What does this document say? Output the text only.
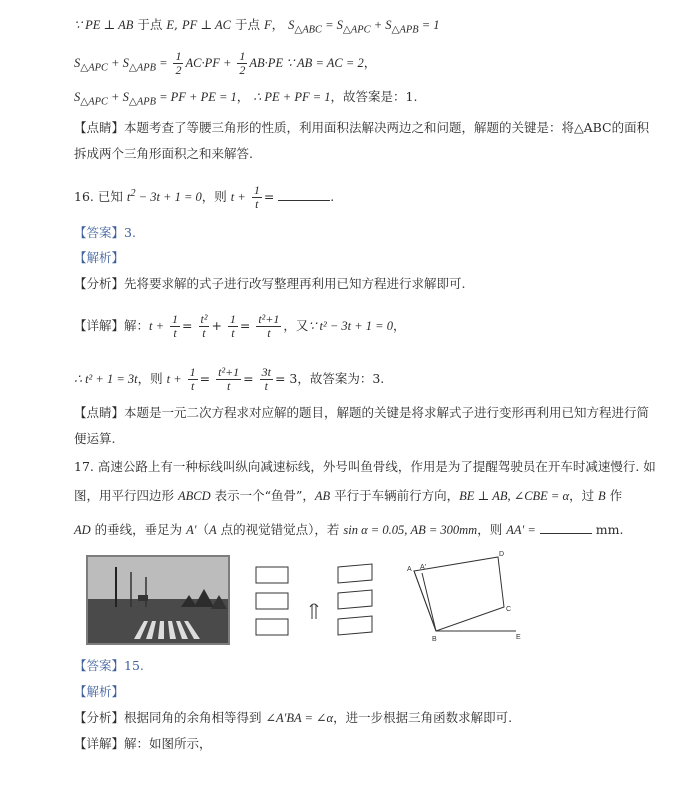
∵ PE ⊥ AB 于点 E, PF ⊥ AC 于点 F， $S_{\triangle ABC} = S_{\triangle APC} + S_{\triangle APB} = 1$
$S_{\triangle APC} + S_{\triangle APB} = \frac{1}{2} AC\cdot PF + \frac{1}{2} AB\cdot PE$ ∵ AB = AC = 2，
$S_{\triangle APC} + S_{\triangle APB}$ = PF + PE = 1， ∴ PE + PF = 1，故答案是：1.
【点睛】本题考查了等腰三角形的性质，利用面积法解决两边之和问题，解题的关键是：将△ABC的面积
拆成两个三角形面积之和来解答.
16. 已知 $t^2 - 3t + 1 = 0$，则 $t + \frac{1}{t}$ =	.
【答案】3.
【解析】
【分析】先将要求解的式子进行改写整理再利用已知方程进行求解即可.
【详解】解：$t + \frac{1}{t} = \frac{\text{t²}}{t} + \frac{1}{t} = \frac{\text{t²+1}}{t}$ ，又∵ t² − 3t + 1 = 0，
∴ t² + 1 = 3t，则 $t + \frac{1}{t} = \frac{\text{t²+1}}{t} = \frac{3t}{t} = 3$，故答案为：3.
【点睛】本题是一元二次方程求对应解的题目，解题的关键是将求解式子进行变形再利用已知方程进行简
便运算.
17. 高速公路上有一种标线叫纵向减速标线，外号叫鱼骨线，作用是为了提醒驾驶员在开车时减速慢行. 如
图，用平行四边形 ABCD 表示一个“鱼骨”，AB 平行于车辆前行方向，BE ⊥ AB, ∠CBE = α，过 B 作
AD 的垂线，垂足为 A′（A 点的视觉错觉点），若 sin α = 0.05, AB = 300mm，则 AA′ =	mm.
A A′
B
C
D
E
【答案】15.
【解析】
【分析】根据同角的余角相等得到 ∠A′BA = ∠α，进一步根据三角函数求解即可.
【详解】解：如图所示，
